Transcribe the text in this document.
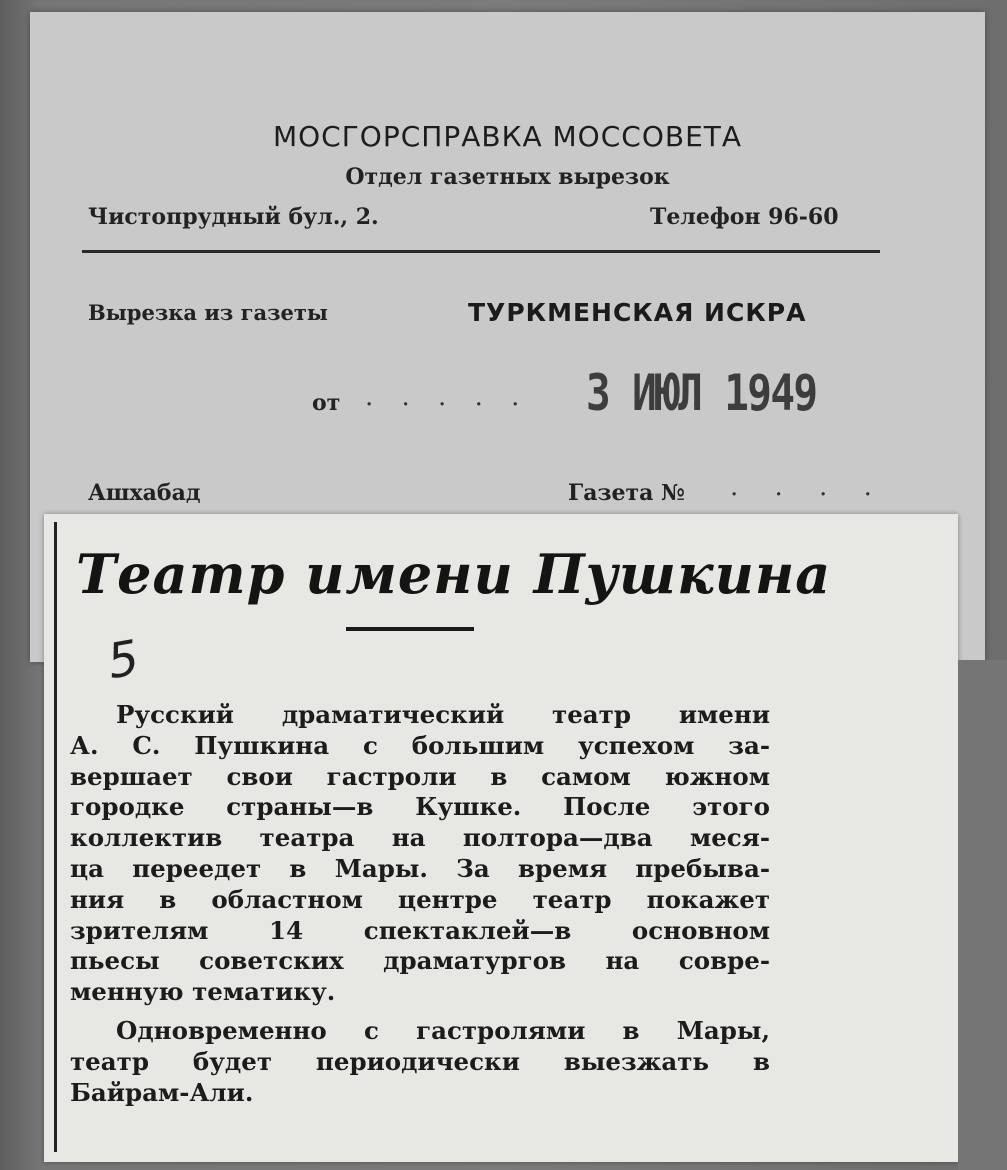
МОСГОРСПРАВКА МОССОВЕТА
Отдел газетных вырезок
Чистопрудный бул., 2.	Телефон 96-60
Вырезка из газеты	ТУРКМЕНСКАЯ ИСКРА
от . . . . . 3 ИЮЛ 1949
Ашхабад	Газета № . . . .
Театр имени Пушкина
5
Русский драматический театр имени
А. С. Пушкина с большим успехом за-
вершает свои гастроли в самом южном
городке страны—в Кушке. После этого
коллектив театра на полтора—два меся-
ца переедет в Мары. За время пребыва-
ния в областном центре театр покажет
зрителям 14 спектаклей—в основном
пьесы советских драматургов на совре-
менную тематику.
Одновременно с гастролями в Мары,
театр будет периодически выезжать в
Байрам-Али.
